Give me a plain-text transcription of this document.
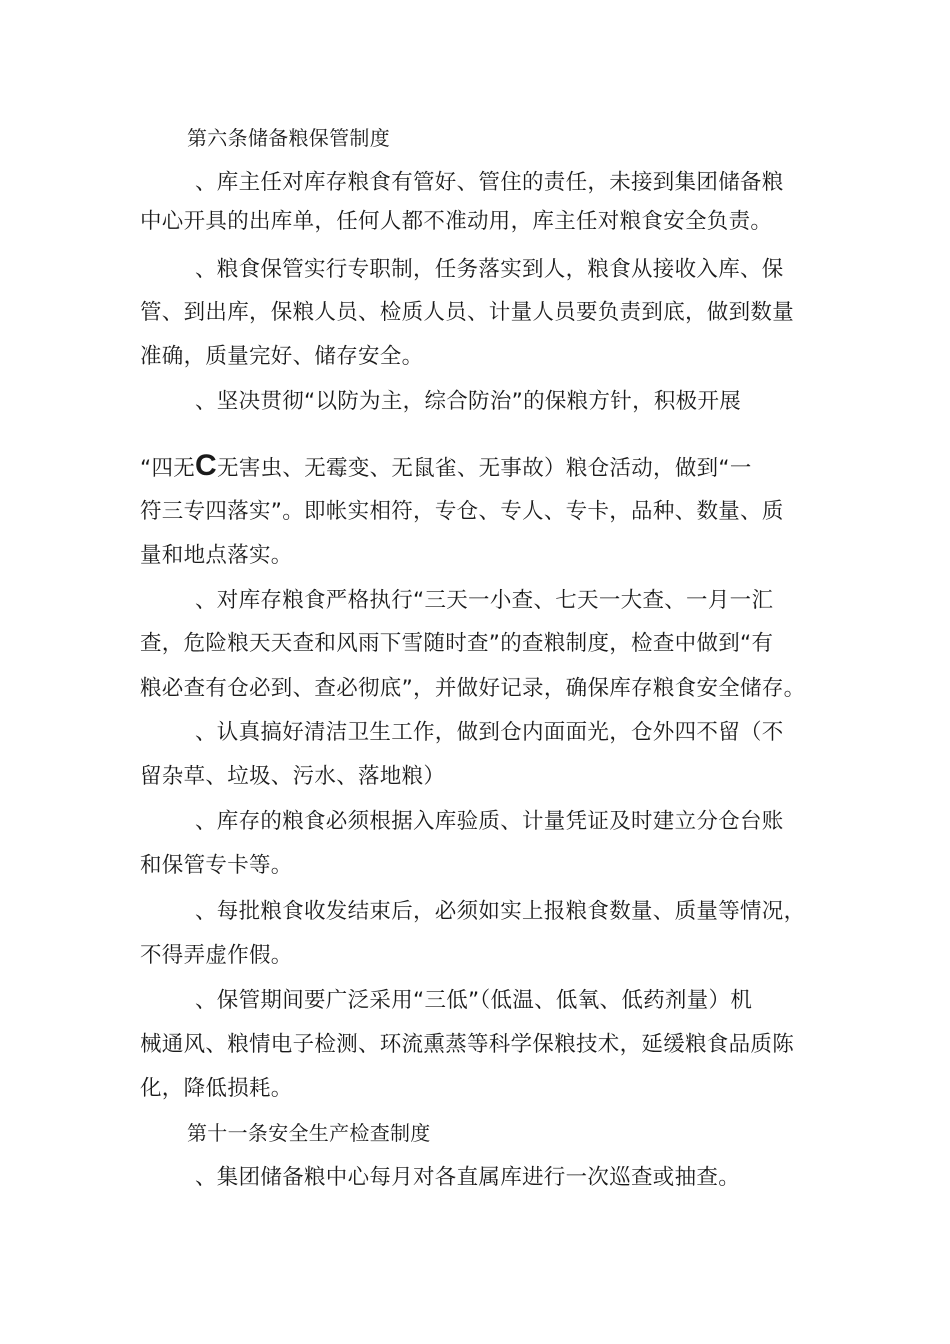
第六条储备粮保管制度
、库主任对库存粮食有管好、管住的责任，未接到集团储备粮
中心开具的出库单，任何人都不准动用，库主任对粮食安全负责。
、粮食保管实行专职制，任务落实到人，粮食从接收入库、保
管、到出库，保粮人员、检质人员、计量人员要负责到底，做到数量
准确，质量完好、储存安全。
、坚决贯彻“以防为主，综合防治”的保粮方针，积极开展
“四无C无害虫、无霉变、无鼠雀、无事故）粮仓活动，做到“一
符三专四落实”。即帐实相符，专仓、专人、专卡，品种、数量、质
量和地点落实。
、对库存粮食严格执行“三天一小查、七天一大查、一月一汇
查，危险粮天天查和风雨下雪随时查”的查粮制度，检查中做到“有
粮必查有仓必到、查必彻底”，并做好记录，确保库存粮食安全储存。
、认真搞好清洁卫生工作，做到仓内面面光，仓外四不留（不
留杂草、垃圾、污水、落地粮）
、库存的粮食必须根据入库验质、计量凭证及时建立分仓台账
和保管专卡等。
、每批粮食收发结束后，必须如实上报粮食数量、质量等情况，
不得弄虚作假。
、保管期间要广泛采用“三低”（低温、低氧、低药剂量）机
械通风、粮情电子检测、环流熏蒸等科学保粮技术，延缓粮食品质陈
化，降低损耗。
第十一条安全生产检查制度
、集团储备粮中心每月对各直属库进行一次巡查或抽查。
